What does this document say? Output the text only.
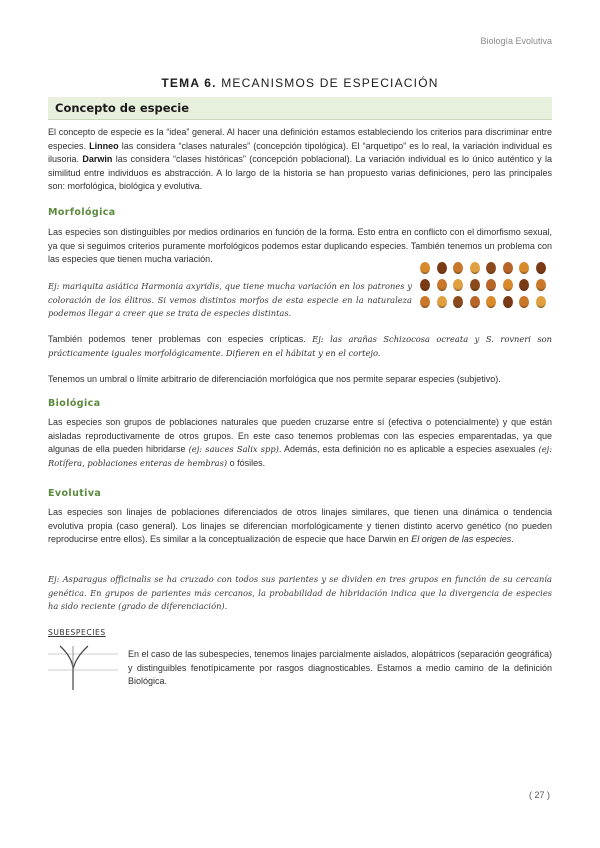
Biología Evolutiva
TEMA 6. MECANISMOS DE ESPECIACIÓN
Concepto de especie

El concepto de especie es la “idea” general. Al hacer una definición estamos estableciendo los criterios para discriminar entre especies. Linneo las considera “clases naturales” (concepción tipológica). El “arquetipo” es lo real, la variación individual es ilusoria. Darwin las considera “clases históricas” (concepción poblacional). La variación individual es lo único auténtico y la similitud entre individuos es abstracción. A lo largo de la historia se han propuesto varias definiciones, pero las principales son: morfológica, biológica y evolutiva.

Morfológica

Las especies son distinguibles por medios ordinarios en función de la forma. Esto entra en conflicto con el dimorfismo sexual, ya que si seguimos criterios puramente morfológicos podemos estar duplicando especies. También tenemos un problema con las especies que tienen mucha variación.

Ej: mariquita asiática Harmonia axyridis, que tiene mucha variación en los patrones y coloración de los élitros. Si vemos distintos morfos de esta especie en la naturaleza podemos llegar a creer que se trata de especies distintas.

También podemos tener problemas con especies crípticas. Ej: las arañas Schizocosa ocreata y S. rovneri son prácticamente iguales morfológicamente. Difieren en el hábitat y en el cortejo.

Tenemos un umbral o límite arbitrario de diferenciación morfológica que nos permite separar especies (subjetivo).

Biológica

Las especies son grupos de poblaciones naturales que pueden cruzarse entre sí (efectiva o potencialmente) y que están aisladas reproductivamente de otros grupos. En este caso tenemos problemas con las especies emparentadas, ya que algunas de ella pueden hibridarse (ej: sauces Salix spp). Además, esta definición no es aplicable a especies asexuales (ej: Rotífera, poblaciones enteras de hembras) o fósiles.

Evolutiva

Las especies son linajes de poblaciones diferenciados de otros linajes similares, que tienen una dinámica o tendencia evolutiva propia (caso general). Los linajes se diferencian morfológicamente y tienen distinto acervo genético (no pueden reproducirse entre ellos). Es similar a la conceptualización de especie que hace Darwin en El origen de las especies.

Ej: Asparagus officinalis se ha cruzado con todos sus parientes y se dividen en tres grupos en función de su cercanía genética. En grupos de parientes más cercanos, la probabilidad de hibridación indica que la divergencia de especies ha sido reciente (grado de diferenciación).

SUBESPECIES

En el caso de las subespecies, tenemos linajes parcialmente aislados, alopátricos (separación geográfica) y distinguibles fenotípicamente por rasgos diagnosticables. Estamos a medio camino de la definición Biológica.

( 27 )
